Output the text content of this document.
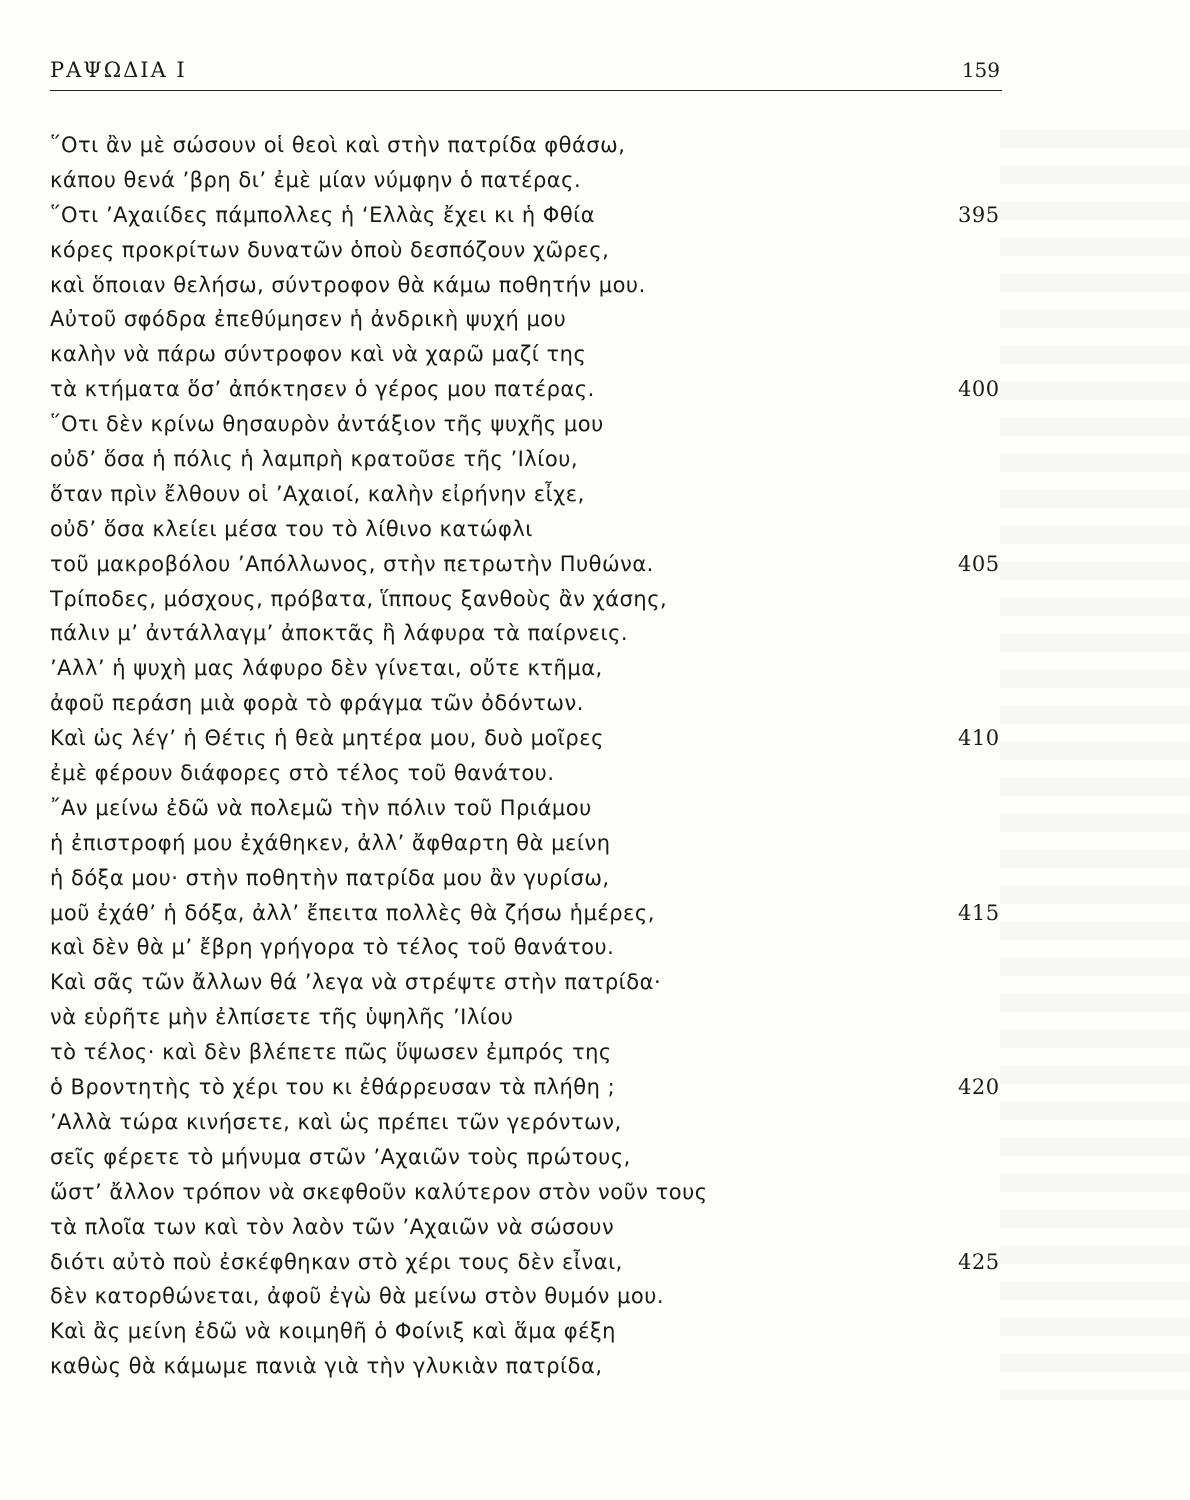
ΡΑΨΩΔΙΑ Ι	159
῞Οτι ἂν μὲ σώσουν οἱ θεοὶ καὶ στὴν πατρίδα φθάσω,
κάπου θενά ’βρη δι’ ἐμὲ μίαν νύμφην ὁ πατέρας.
῞Οτι ’Αχαιίδες πάμπολλες ἡ ‘Ελλὰς ἔχει κι ἡ Φθία	395
κόρες προκρίτων δυνατῶν ὁποὺ δεσπόζουν χῶρες,
καὶ ὅποιαν θελήσω, σύντροφον θὰ κάμω ποθητήν μου.
Αὐτοῦ σφόδρα ἐπεθύμησεν ἡ ἀνδρικὴ ψυχή μου
καλὴν νὰ πάρω σύντροφον καὶ νὰ χαρῶ μαζί της
τὰ κτήματα ὅσ’ ἀπόκτησεν ὁ γέρος μου πατέρας.	400
῞Οτι δὲν κρίνω θησαυρὸν ἀντάξιον τῆς ψυχῆς μου
οὐδ’ ὅσα ἡ πόλις ἡ λαμπρὴ κρατοῦσε τῆς ’Ιλίου,
ὅταν πρὶν ἔλθουν οἱ ’Αχαιοί, καλὴν εἰρήνην εἶχε,
οὐδ’ ὅσα κλείει μέσα του τὸ λίθινο κατώφλι
τοῦ μακροβόλου ’Απόλλωνος, στὴν πετρωτὴν Πυθώνα.	405
Τρίποδες, μόσχους, πρόβατα, ἵππους ξανθοὺς ἂν χάσης,
πάλιν μ’ ἀντάλλαγμ’ ἀποκτᾶς ἢ λάφυρα τὰ παίρνεις.
’Αλλ’ ἡ ψυχὴ μας λάφυρο δὲν γίνεται, οὔτε κτῆμα,
ἀφοῦ περάση μιὰ φορὰ τὸ φράγμα τῶν ὀδόντων.
Καὶ ὡς λέγ’ ἡ Θέτις ἡ θεὰ μητέρα μου, δυὸ μοῖρες	410
ἐμὲ φέρουν διάφορες στὸ τέλος τοῦ θανάτου.
῎Αν μείνω ἐδῶ νὰ πολεμῶ τὴν πόλιν τοῦ Πριάμου
ἡ ἐπιστροφή μου ἐχάθηκεν, ἀλλ’ ἄφθαρτη θὰ μείνη
ἡ δόξα μου· στὴν ποθητὴν πατρίδα μου ἂν γυρίσω,
μοῦ ἐχάθ’ ἡ δόξα, ἀλλ’ ἔπειτα πολλὲς θὰ ζήσω ἡμέρες,	415
καὶ δὲν θὰ μ’ ἔβρη γρήγορα τὸ τέλος τοῦ θανάτου.
Καὶ σᾶς τῶν ἄλλων θά ’λεγα νὰ στρέψτε στὴν πατρίδα·
νὰ εὑρῆτε μὴν ἐλπίσετε τῆς ὑψηλῆς ’Ιλίου
τὸ τέλος· καὶ δὲν βλέπετε πῶς ὕψωσεν ἐμπρός της
ὁ Βροντητὴς τὸ χέρι του κι ἐθάρρευσαν τὰ πλήθη ;	420
’Αλλὰ τώρα κινήσετε, καὶ ὡς πρέπει τῶν γερόντων,
σεῖς φέρετε τὸ μήνυμα στῶν ’Αχαιῶν τοὺς πρώτους,
ὥστ’ ἄλλον τρόπον νὰ σκεφθοῦν καλύτερον στὸν νοῦν τους
τὰ πλοῖα των καὶ τὸν λαὸν τῶν ’Αχαιῶν νὰ σώσουν
διότι αὐτὸ ποὺ ἐσκέφθηκαν στὸ χέρι τους δὲν εἶναι,	425
δὲν κατορθώνεται, ἀφοῦ ἐγὼ θὰ μείνω στὸν θυμόν μου.
Καὶ ἂς μείνη ἐδῶ νὰ κοιμηθῆ ὁ Φοίνιξ καὶ ἅμα φέξη
καθὼς θὰ κάμωμε πανιὰ γιὰ τὴν γλυκιὰν πατρίδα,
